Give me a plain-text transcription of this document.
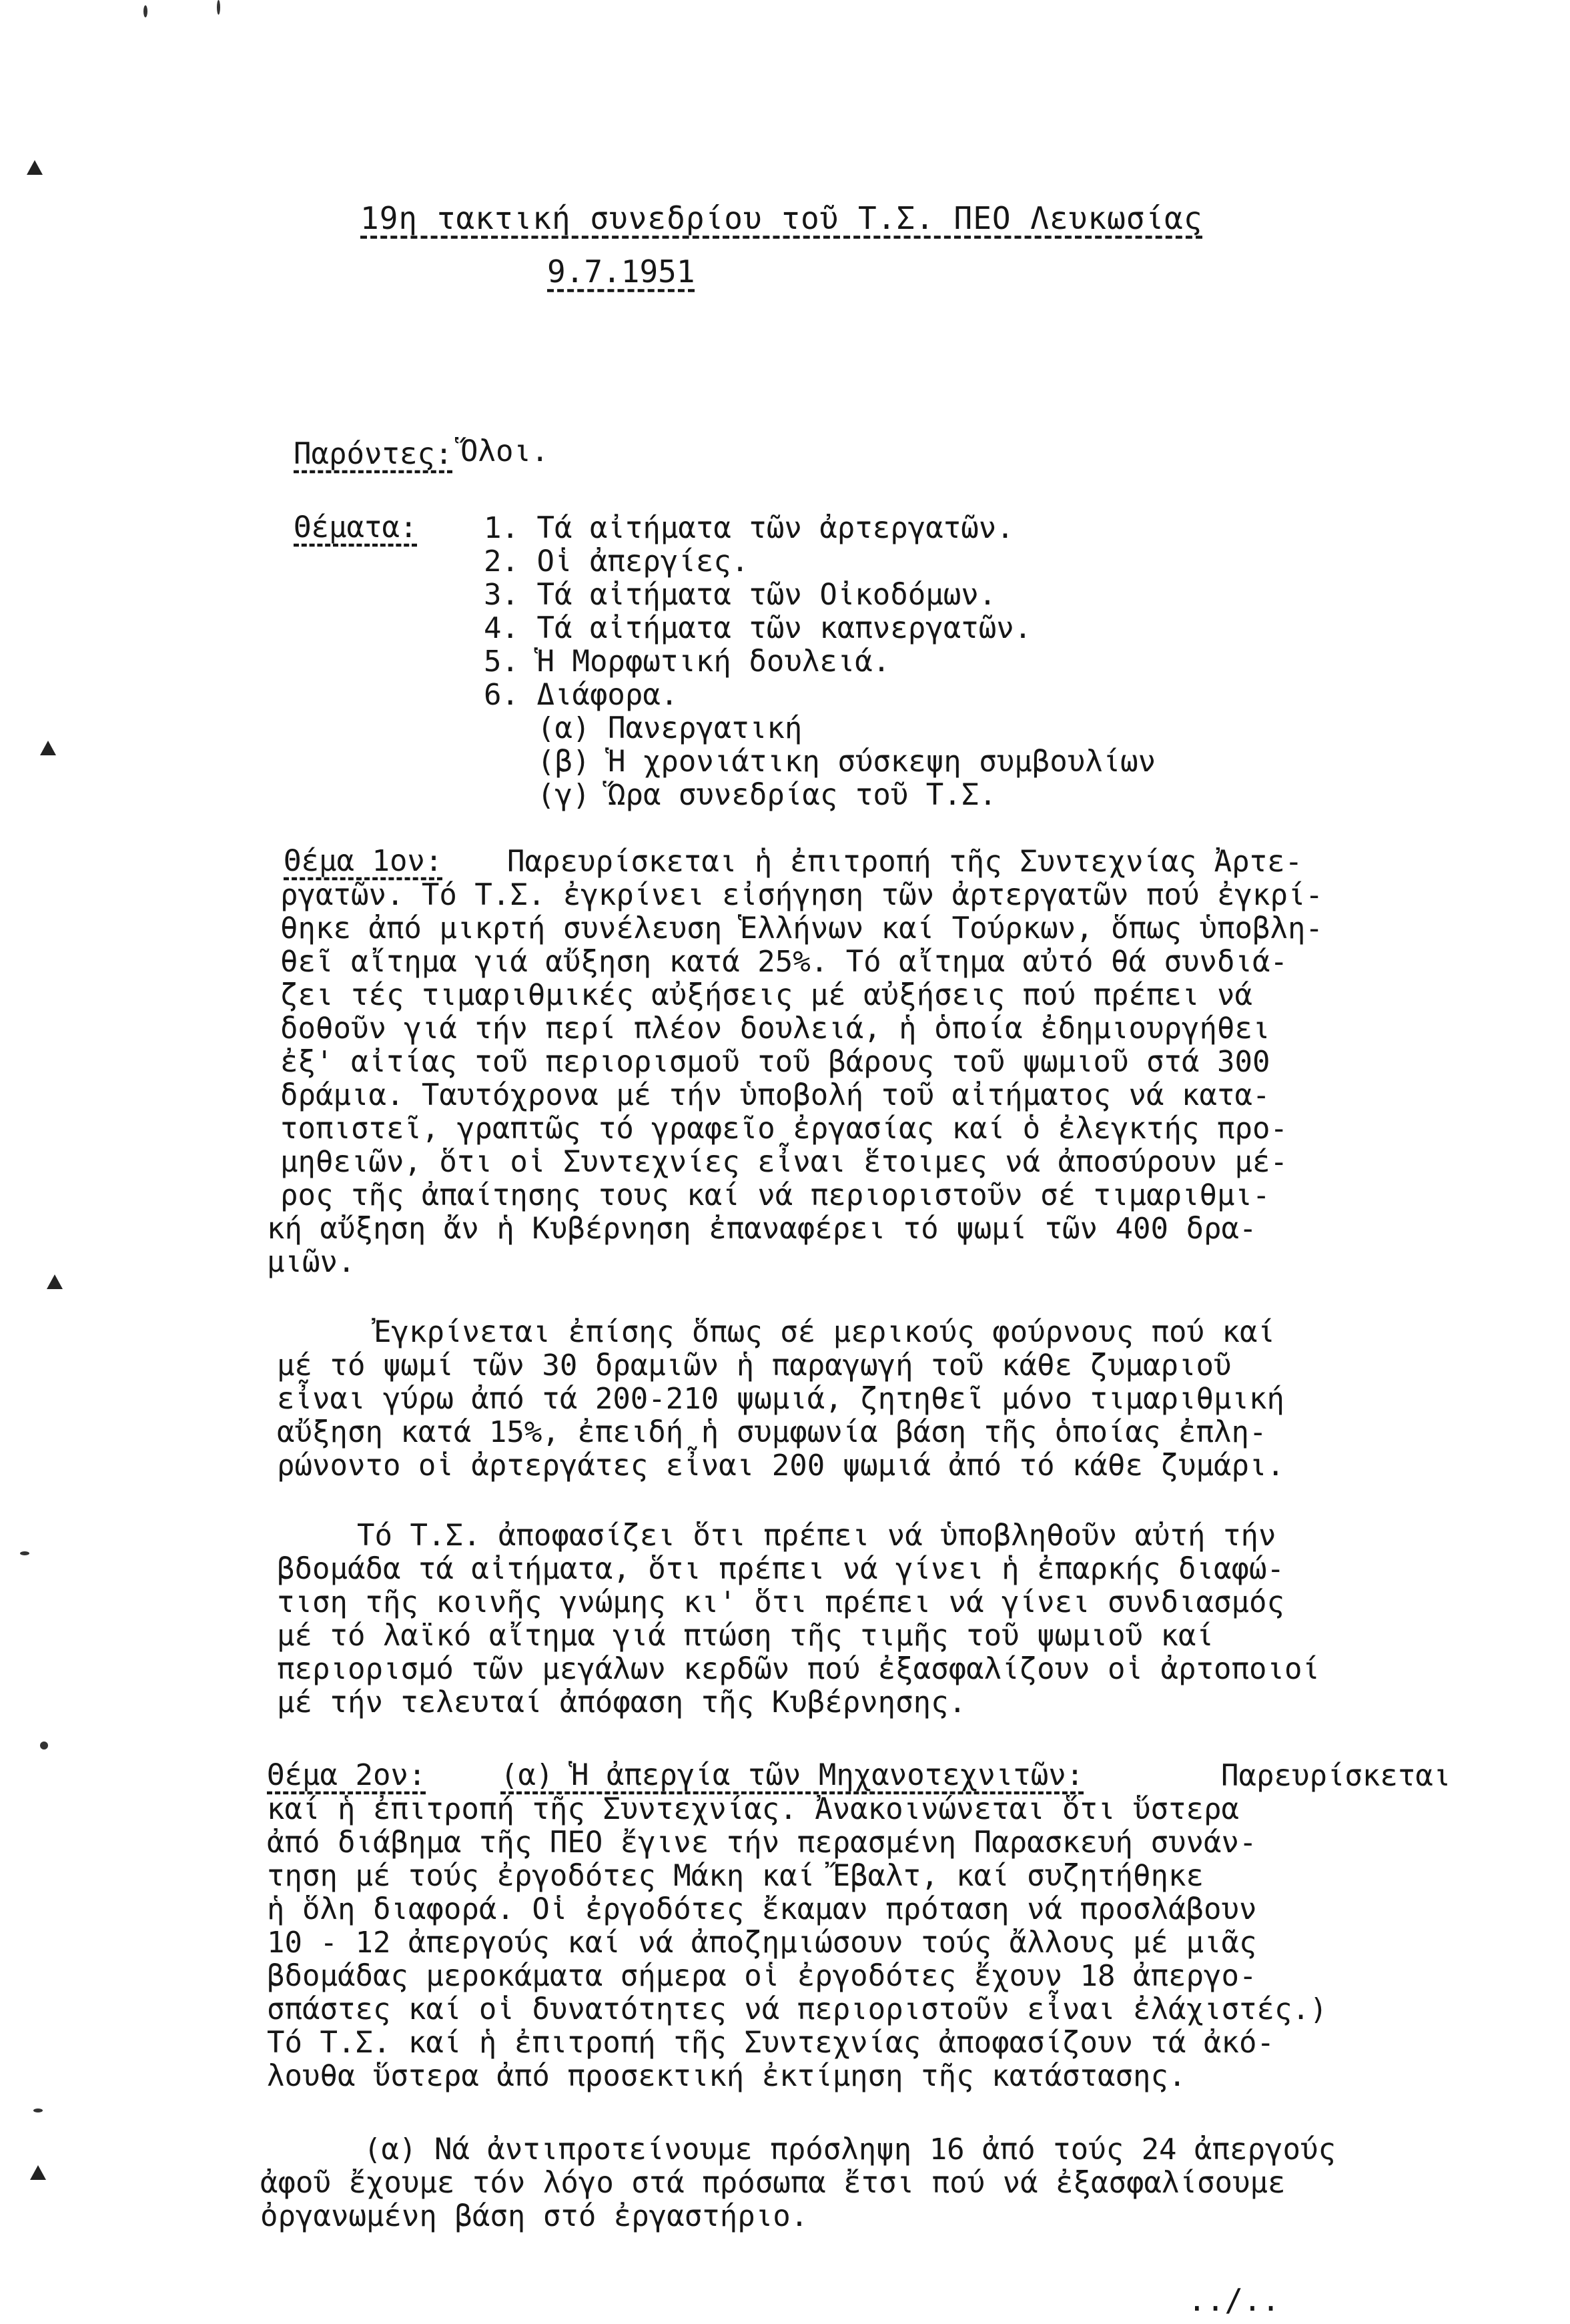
19η τακτική συνεδρίου τοῦ Τ.Σ. ΠΕΟ Λευκωσίας
9.7.1951
Παρόντες: Ὅλοι.
Θέματα: 1. Τά αἰτήματα τῶν ἀρτεργατῶν.
2. Οἱ ἀπεργίες.
3. Τά αἰτήματα τῶν Οἰκοδόμων.
4. Τά αἰτήματα τῶν καπνεργατῶν.
5. Ἡ Μορφωτική δουλειά.
6. Διάφορα.
(α) Πανεργατική
(β) Ἡ χρονιάτικη σύσκεψη συμβουλίων
(γ) Ὥρα συνεδρίας τοῦ Τ.Σ.
Θέμα 1ον: Παρευρίσκεται ἡ ἐπιτροπή τῆς Συντεχνίας Ἀρτε-
ργατῶν. Τό Τ.Σ. ἐγκρίνει εἰσήγηση τῶν ἀρτεργατῶν πού ἐγκρί-
θηκε ἀπό μικρτή συνέλευση Ἑλλήνων καί Τούρκων, ὅπως ὑποβλη-
θεῖ αἴτημα γιά αὔξηση κατά 25%. Τό αἴτημα αὐτό θά συνδιά-
ζει τές τιμαριθμικές αὐξήσεις μέ αὐξήσεις πού πρέπει νά
δοθοῦν γιά τήν περί πλέον δουλειά, ἡ ὁποία ἐδημιουργήθει
ἐξ' αἰτίας τοῦ περιορισμοῦ τοῦ βάρους τοῦ ψωμιοῦ στά 300
δράμια. Ταυτόχρονα μέ τήν ὑποβολή τοῦ αἰτήματος νά κατα-
τοπιστεῖ, γραπτῶς τό γραφεῖο ἐργασίας καί ὁ ἐλεγκτής προ-
μηθειῶν, ὅτι οἱ Συντεχνίες εἶναι ἕτοιμες νά ἀποσύρουν μέ-
ρος τῆς ἀπαίτησης τους καί νά περιοριστοῦν σέ τιμαριθμι-
κή αὔξηση ἄν ἡ Κυβέρνηση ἐπαναφέρει τό ψωμί τῶν 400 δρα-
μιῶν.
Ἐγκρίνεται ἐπίσης ὅπως σέ μερικούς φούρνους πού καί
μέ τό ψωμί τῶν 30 δραμιῶν ἡ παραγωγή τοῦ κάθε ζυμαριοῦ
εἶναι γύρω ἀπό τά 200-210 ψωμιά, ζητηθεῖ μόνο τιμαριθμική
αὔξηση κατά 15%, ἐπειδή ἡ συμφωνία βάση τῆς ὁποίας ἐπλη-
ρώνοντο οἱ ἀρτεργάτες εἶναι 200 ψωμιά ἀπό τό κάθε ζυμάρι.
Τό Τ.Σ. ἀποφασίζει ὅτι πρέπει νά ὑποβληθοῦν αὐτή τήν
βδομάδα τά αἰτήματα, ὅτι πρέπει νά γίνει ἡ ἐπαρκής διαφώ-
τιση τῆς κοινῆς γνώμης κι' ὅτι πρέπει νά γίνει συνδιασμός
μέ τό λαϊκό αἴτημα γιά πτώση τῆς τιμῆς τοῦ ψωμιοῦ καί
περιορισμό τῶν μεγάλων κερδῶν πού ἐξασφαλίζουν οἱ ἀρτοποιοί
μέ τήν τελευταί ἀπόφαση τῆς Κυβέρνησης.
Θέμα 2ον:	(α) Ἡ ἀπεργία τῶν Μηχανοτεχνιτῶν:	Παρευρίσκεται
καί ἡ ἐπιτροπή τῆς Συντεχνίας. Ἀνακοινώνεται ὅτι ὕστερα
ἀπό διάβημα τῆς ΠΕΟ ἔγινε τήν περασμένη Παρασκευή συνάν-
τηση μέ τούς ἐργοδότες Μάκη καί Ἔβαλτ, καί συζητήθηκε
ἡ ὅλη διαφορά. Οἱ ἐργοδότες ἔκαμαν πρόταση νά προσλάβουν
10 - 12 ἀπεργούς καί νά ἀποζημιώσουν τούς ἄλλους μέ μιᾶς
βδομάδας μεροκάματα σήμερα οἱ ἐργοδότες ἔχουν 18 ἀπεργο-
σπάστες καί οἱ δυνατότητες νά περιοριστοῦν εἶναι ἐλάχιστές.)
Τό Τ.Σ. καί ἡ ἐπιτροπή τῆς Συντεχνίας ἀποφασίζουν τά ἀκό-
λουθα ὕστερα ἀπό προσεκτική ἐκτίμηση τῆς κατάστασης.
(α) Νά ἀντιπροτείνουμε πρόσληψη 16 ἀπό τούς 24 ἀπεργούς
ἀφοῦ ἔχουμε τόν λόγο στά πρόσωπα ἔτσι πού νά ἐξασφαλίσουμε
ὀργανωμένη βάση στό ἐργαστήριο.
../..
